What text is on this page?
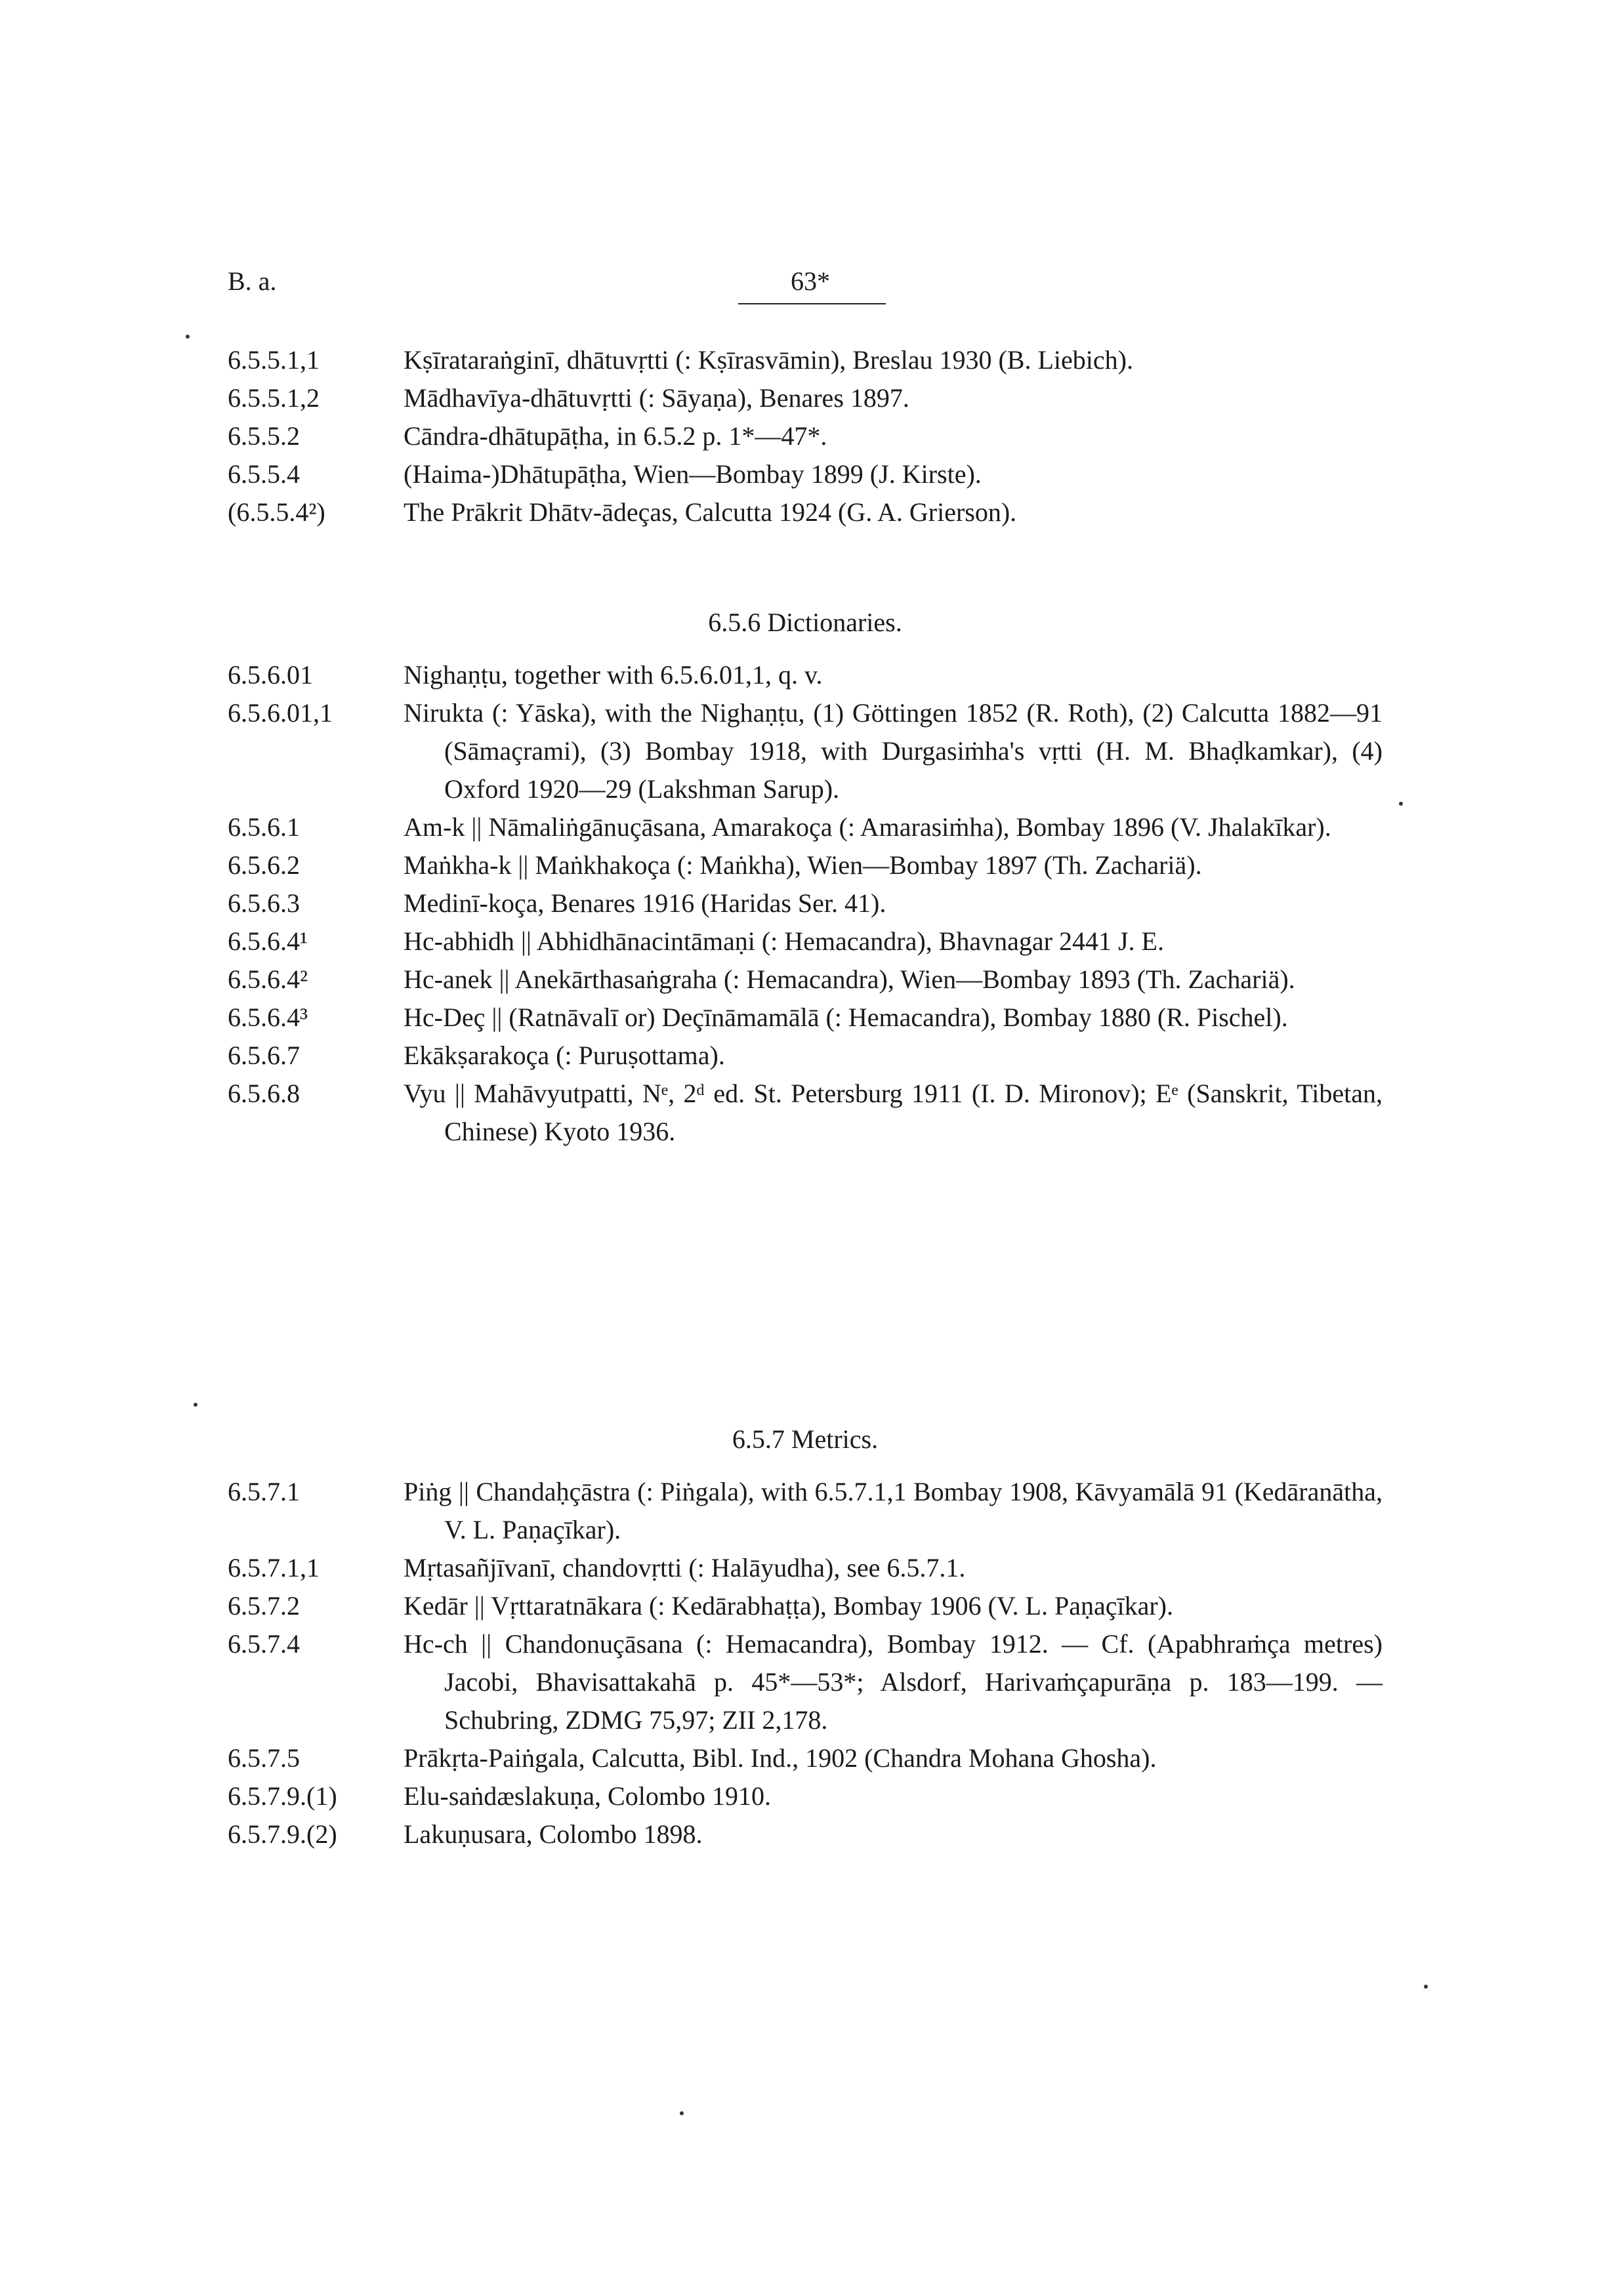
B. a.	63*
6.5.5.1,1	Kṣīrataraṅginī, dhātuvṛtti (: Kṣīrasvāmin), Breslau 1930 (B. Liebich).
6.5.5.1,2	Mādhavīya-dhātuvṛtti (: Sāyaṇa), Benares 1897.
6.5.5.2	Cāndra-dhātupāṭha, in 6.5.2 p. 1*—47*.
6.5.5.4	(Haima-)Dhātupāṭha, Wien—Bombay 1899 (J. Kirste).
(6.5.5.4²)	The Prākrit Dhātv-ādeças, Calcutta 1924 (G. A. Grierson).
6.5.6 Dictionaries.
6.5.6.01	Nighaṇṭu, together with 6.5.6.01,1, q. v.
6.5.6.01,1	Nirukta (: Yāska), with the Nighaṇṭu, (1) Göttingen 1852 (R. Roth), (2) Calcutta 1882—91 (Sāmaçrami), (3) Bombay 1918, with Durgasiṁha's vṛtti (H. M. Bhaḍkamkar), (4) Oxford 1920—29 (Lakshman Sarup).
6.5.6.1	Am-k || Nāmaliṅgānuçāsana, Amarakoça (: Amarasiṁha), Bombay 1896 (V. Jhalakīkar).
6.5.6.2	Maṅkha-k || Maṅkhakoça (: Maṅkha), Wien—Bombay 1897 (Th. Zachariä).
6.5.6.3	Medinī-koça, Benares 1916 (Haridas Ser. 41).
6.5.6.4¹	Hc-abhidh || Abhidhānacintāmaṇi (: Hemacandra), Bhavnagar 2441 J. E.
6.5.6.4²	Hc-anek || Anekārthasaṅgraha (: Hemacandra), Wien—Bombay 1893 (Th. Zachariä).
6.5.6.4³	Hc-Deç || (Ratnāvalī or) Deçīnāmamālā (: Hemacandra), Bombay 1880 (R. Pischel).
6.5.6.7	Ekākṣarakoça (: Puruṣottama).
6.5.6.8	Vyu || Mahāvyutpatti, Nᵉ, 2ᵈ ed. St. Petersburg 1911 (I. D. Mironov); Eᵉ (Sanskrit, Tibetan, Chinese) Kyoto 1936.
6.5.7 Metrics.
6.5.7.1	Piṅg || Chandaḥçāstra (: Piṅgala), with 6.5.7.1,1 Bombay 1908, Kāvyamālā 91 (Kedāranātha, V. L. Paṇaçīkar).
6.5.7.1,1	Mṛtasañjīvanī, chandovṛtti (: Halāyudha), see 6.5.7.1.
6.5.7.2	Kedār || Vṛttaratnākara (: Kedārabhaṭṭa), Bombay 1906 (V. L. Paṇaçīkar).
6.5.7.4	Hc-ch || Chandonuçāsana (: Hemacandra), Bombay 1912. — Cf. (Apabhraṁça metres) Jacobi, Bhavisattakahā p. 45*—53*; Alsdorf, Harivaṁçapurāṇa p. 183—199. — Schubring, ZDMG 75,97; ZII 2,178.
6.5.7.5	Prākṛta-Paiṅgala, Calcutta, Bibl. Ind., 1902 (Chandra Mohana Ghosha).
6.5.7.9.(1)	Elu-saṅdæslakuṇa, Colombo 1910.
6.5.7.9.(2)	Lakuṇusara, Colombo 1898.
